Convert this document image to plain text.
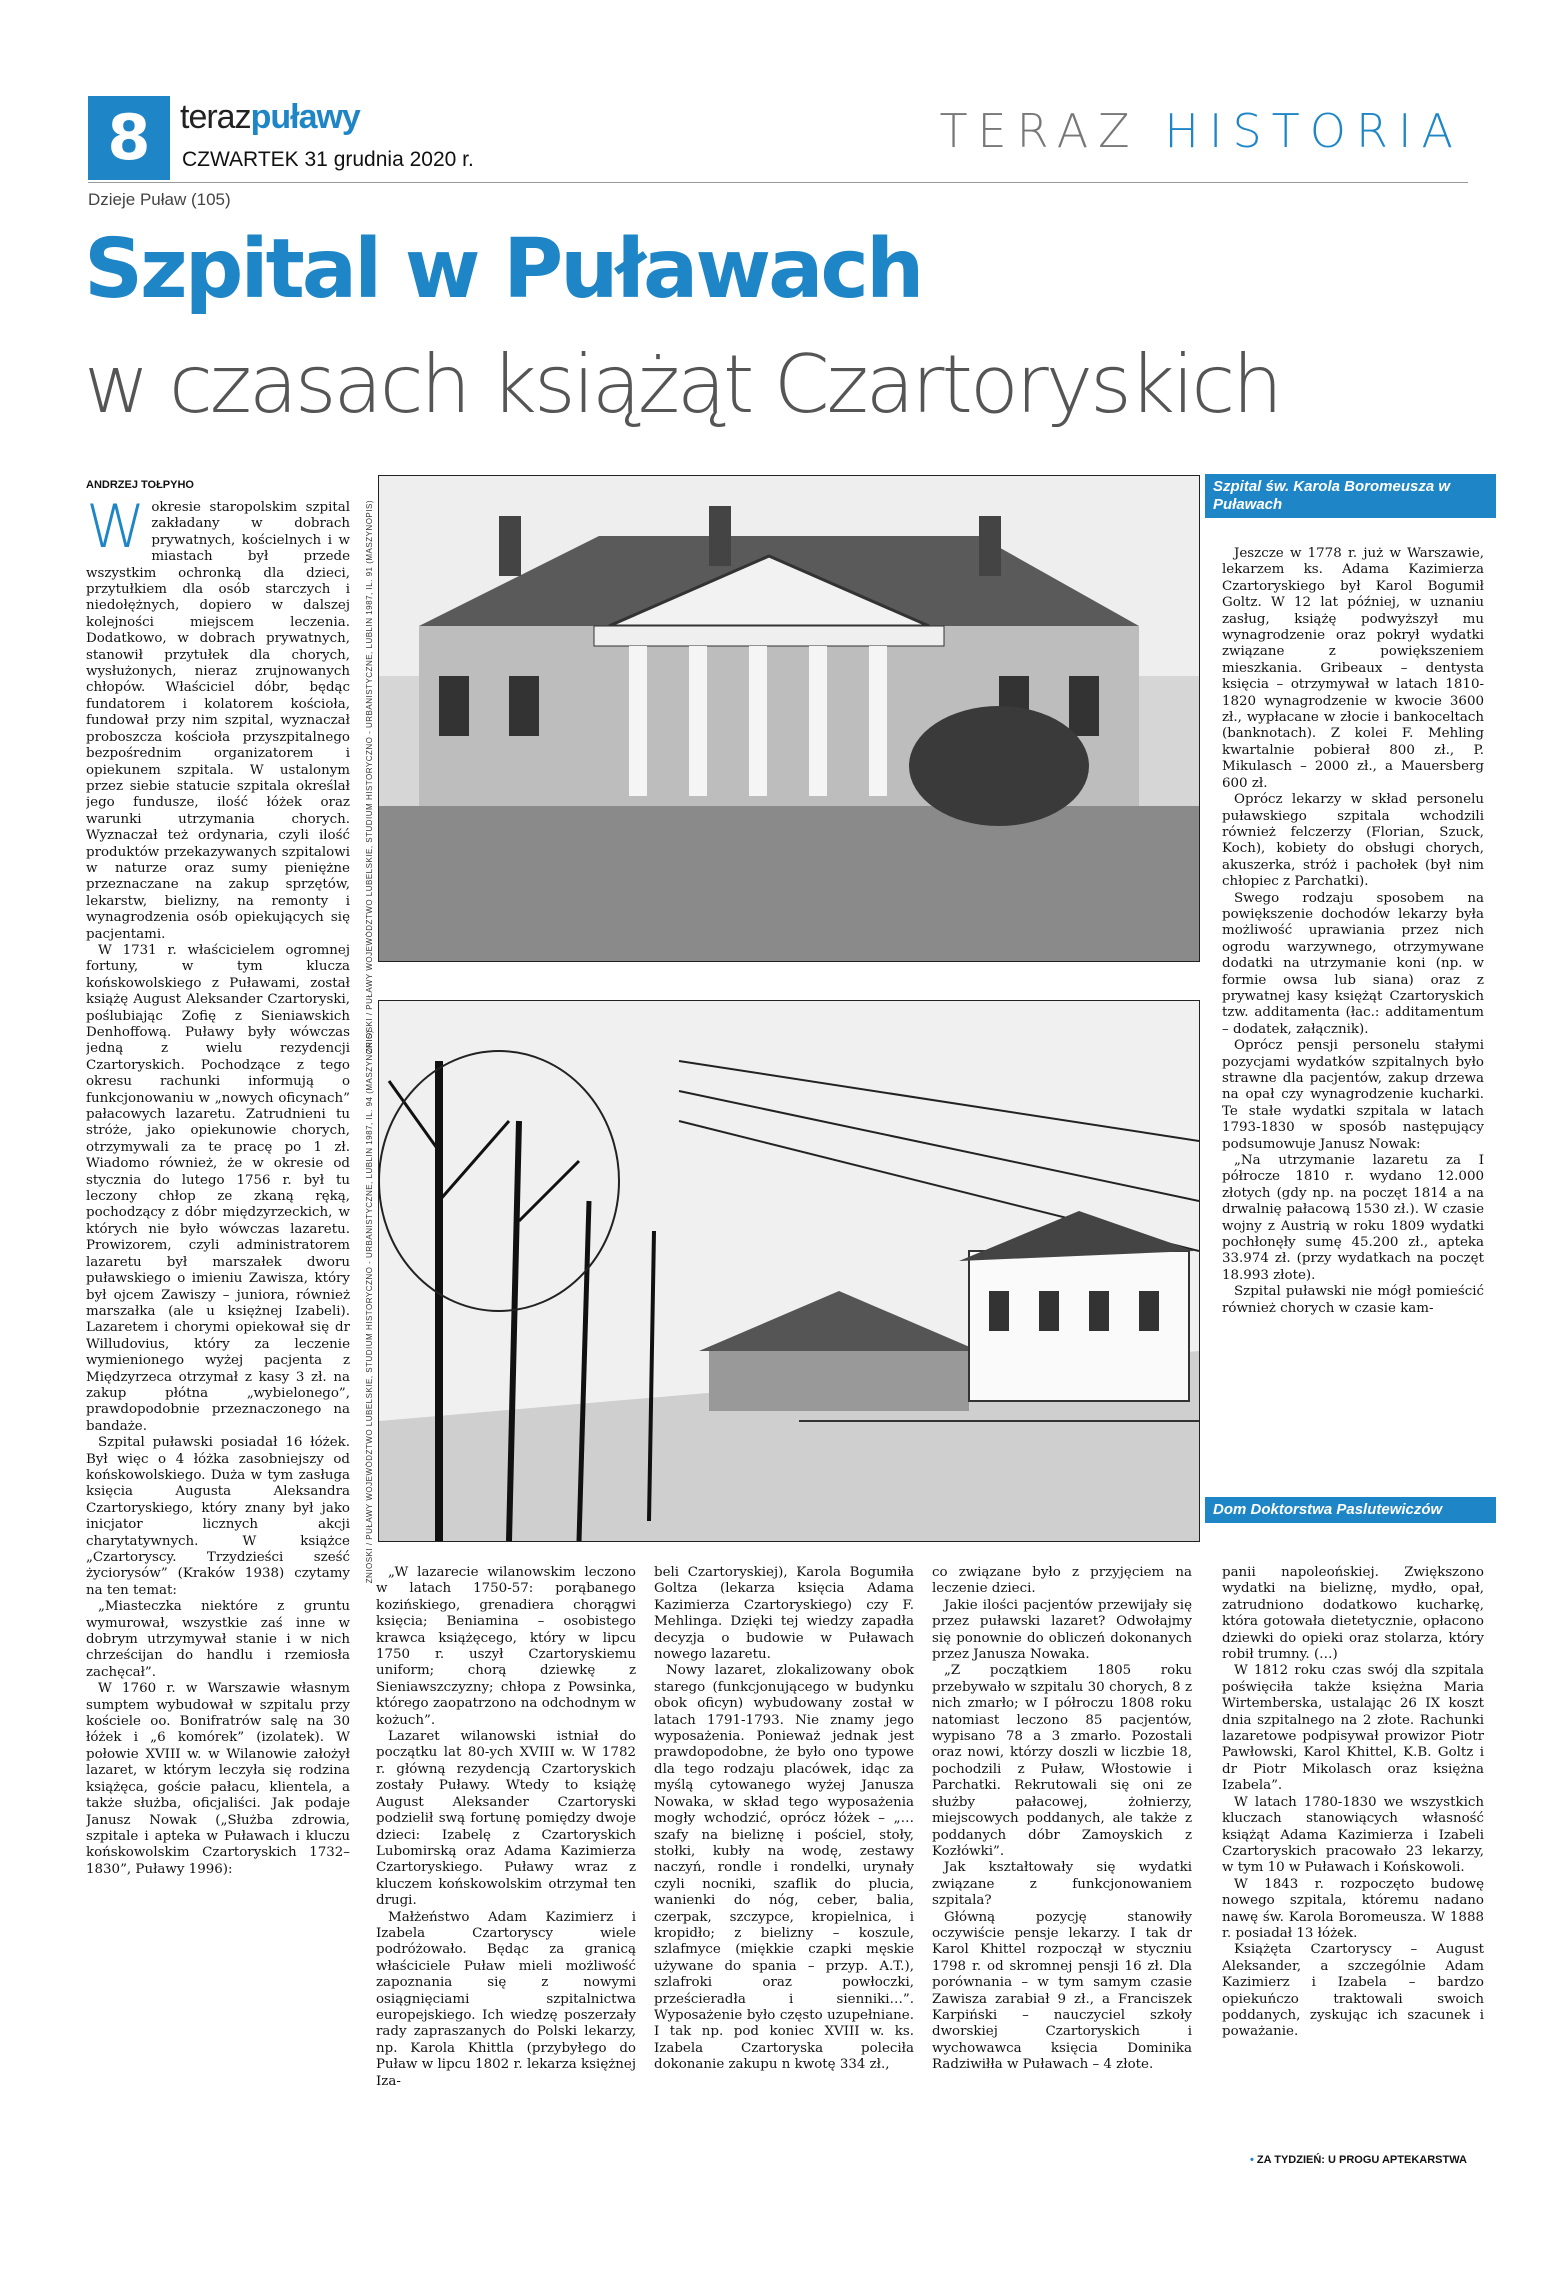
8 terazpuławy
CZWARTEK 31 grudnia 2020 r.
TERAZ HISTORIA
Dzieje Puław (105)
Szpital w Puławach
w czasach książąt Czartoryskich
ANDRZEJ TOŁPYHO

Wokresie staropolskim szpital zakładany w dobrach prywatnych, kościelnych i w miastach był przede wszystkim ochronką dla dzieci, przytułkiem dla osób starczych i niedołężnych, dopiero w dalszej kolejności miejscem leczenia. Dodatkowo, w dobrach prywatnych, stanowił przytułek dla chorych, wysłużonych, nieraz zrujnowanych chłopów. Właściciel dóbr, będąc fundatorem i kolatorem kościoła, fundował przy nim szpital, wyznaczał proboszcza kościoła przyszpitalnego bezpośrednim organizatorem i opiekunem szpitala. W ustalonym przez siebie statucie szpitala określał jego fundusze, ilość łóżek oraz warunki utrzymania chorych. Wyznaczał też ordynaria, czyli ilość produktów przekazywanych szpitalowi w naturze oraz sumy pieniężne przeznaczane na zakup sprzętów, lekarstw, bielizny, na remonty i wynagrodzenia osób opiekujących się pacjentami.

W 1731 r. właścicielem ogromnej fortuny, w tym klucza końskowolskiego z Puławami, został książę August Aleksander Czartoryski, poślubiając Zofię z Sieniawskich Denhoffową. Puławy były wówczas jedną z wielu rezydencji Czartoryskich. Pochodzące z tego okresu rachunki informują o funkcjonowaniu w „nowych oficynach” pałacowych lazaretu. Zatrudnieni tu stróże, jako opiekunowie chorych, otrzymywali za te pracę po 1 zł. Wiadomo również, że w okresie od stycznia do lutego 1756 r. był tu leczony chłop ze zkaną ręką, pochodzący z dóbr międzyrzeckich, w których nie było wówczas lazaretu. Prowizorem, czyli administratorem lazaretu był marszałek dworu puławskiego o imieniu Zawisza, który był ojcem Zawiszy – juniora, również marszałka (ale u księżnej Izabeli). Lazaretem i chorymi opiekował się dr Willudovius, który za leczenie wymienionego wyżej pacjenta z Międzyrzeca otrzymał z kasy 3 zł. na zakup płótna „wybielonego”, prawdopodobnie przeznaczonego na bandaże.

Szpital puławski posiadał 16 łóżek. Był więc o 4 łóżka zasobniejszy od końskowolskiego. Duża w tym zasługa księcia Augusta Aleksandra Czartoryskiego, który znany był jako inicjator licznych akcji charytatywnych. W książce „Czartoryscy. Trzydzieści sześć życiorysów” (Kraków 1938) czytamy na ten temat:

„Miasteczka niektóre z gruntu wymurował, wszystkie zaś inne w dobrym utrzymywał stanie i w nich chrześcijan do handlu i rzemiosła zachęcał”.

W 1760 r. w Warszawie własnym sumptem wybudował w szpitalu przy kościele oo. Bonifratrów salę na 30 łóżek i „6 komórek” (izolatek). W połowie XVIII w. w Wilanowie założył lazaret, w którym leczyła się rodzina książęca, goście pałacu, klientela, a także służba, oficjaliści. Jak podaje Janusz Nowak („Służba zdrowia, szpitale i apteka w Puławach i kluczu końskowolskim Czartoryskich 1732–1830”, Puławy 1996):

ZNIOSKI / PUŁAWY WOJEWÓDZTWO LUBELSKIE, STUDIUM HISTORYCZNO - URBANISTYCZNE, LUBLIN 1987, IL. 91 (MASZYNOPIS)
ZNIOSKI / PUŁAWY WOJEWÓDZTWO LUBELSKIE, STUDIUM HISTORYCZNO - URBANISTYCZNE, LUBLIN 1987, IL. 94 (MASZYNOPIS)
Szpital św. Karola Boromeusza w Puławach
Dom Doktorstwa Paslutewiczów

Jeszcze w 1778 r. już w Warszawie, lekarzem ks. Adama Kazimierza Czartoryskiego był Karol Bogumił Goltz. W 12 lat później, w uznaniu zasług, książę podwyższył mu wynagrodzenie oraz pokrył wydatki związane z powiększeniem mieszkania. Gribeaux – dentysta księcia – otrzymywał w latach 1810-1820 wynagrodzenie w kwocie 3600 zł., wypłacane w złocie i bankoceltach (banknotach). Z kolei F. Mehling kwartalnie pobierał 800 zł., P. Mikulasch – 2000 zł., a Mauersberg 600 zł.

Oprócz lekarzy w skład personelu puławskiego szpitala wchodzili również felczerzy (Florian, Szuck, Koch), kobiety do obsługi chorych, akuszerka, stróż i pachołek (był nim chłopiec z Parchatki).

Swego rodzaju sposobem na powiększenie dochodów lekarzy była możliwość uprawiania przez nich ogrodu warzywnego, otrzymywane dodatki na utrzymanie koni (np. w formie owsa lub siana) oraz z prywatnej kasy księżąt Czartoryskich tzw. additamenta (łac.: additamentum – dodatek, załącznik).

Oprócz pensji personelu stałymi pozycjami wydatków szpitalnych było strawne dla pacjentów, zakup drzewa na opał czy wynagrodzenie kucharki. Te stałe wydatki szpitala w latach 1793-1830 w sposób następujący podsumowuje Janusz Nowak:

„Na utrzymanie lazaretu za I półrocze 1810 r. wydano 12.000 złotych (gdy np. na poczęt 1814 a na drwalnię pałacową 1530 zł.). W czasie wojny z Austrią w roku 1809 wydatki pochłonęły sumę 45.200 zł., apteka 33.974 zł. (przy wydatkach na poczęt 18.993 złote).

Szpital puławski nie mógł pomieścić również chorych w czasie kam-

„W lazarecie wilanowskim leczono w latach 1750-57: porąbanego kozińskiego, grenadiera chorągwi księcia; Beniamina – osobistego krawca książęcego, który w lipcu 1750 r. uszył Czartoryskiemu uniform; chorą dziewkę z Sieniawszczyzny; chłopa z Powsinka, którego zaopatrzono na odchodnym w kożuch”.

Lazaret wilanowski istniał do początku lat 80-ych XVIII w. W 1782 r. główną rezydencją Czartoryskich zostały Puławy. Wtedy to książę August Aleksander Czartoryski podzielił swą fortunę pomiędzy dwoje dzieci: Izabelę z Czartoryskich Lubomirską oraz Adama Kazimierza Czartoryskiego. Puławy wraz z kluczem końskowolskim otrzymał ten drugi.

Małżeństwo Adam Kazimierz i Izabela Czartoryscy wiele podróżowało. Będąc za granicą właściciele Puław mieli możliwość zapoznania się z nowymi osiągnięciami szpitalnictwa europejskiego. Ich wiedzę poszerzały rady zapraszanych do Polski lekarzy, np. Karola Khittla (przybyłego do Puław w lipcu 1802 r. lekarza księżnej Iza-

beli Czartoryskiej), Karola Bogumiła Goltza (lekarza księcia Adama Kazimierza Czartoryskiego) czy F. Mehlinga. Dzięki tej wiedzy zapadła decyzja o budowie w Puławach nowego lazaretu.

Nowy lazaret, zlokalizowany obok starego (funkcjonującego w budynku obok oficyn) wybudowany został w latach 1791-1793. Nie znamy jego wyposażenia. Ponieważ jednak jest prawdopodobne, że było ono typowe dla tego rodzaju placówek, idąc za myślą cytowanego wyżej Janusza Nowaka, w skład tego wyposażenia mogły wchodzić, oprócz łóżek – „…szafy na bieliznę i pościel, stoły, stołki, kubły na wodę, zestawy naczyń, rondle i rondelki, urynały czyli nocniki, szaflik do plucia, wanienki do nóg, ceber, balia, czerpak, szczypce, kropielnica, i kropidło; z bielizny – koszule, szlafmyce (miękkie czapki męskie używane do spania – przyp. A.T.), szlafroki oraz powłoczki, prześcieradła i sienniki…”. Wyposażenie było często uzupełniane. I tak np. pod koniec XVIII w. ks. Izabela Czartoryska poleciła dokonanie zakupu n kwotę 334 zł.,

co związane było z przyjęciem na leczenie dzieci.

Jakie ilości pacjentów przewijały się przez puławski lazaret? Odwołajmy się ponownie do obliczeń dokonanych przez Janusza Nowaka.

„Z początkiem 1805 roku przebywało w szpitalu 30 chorych, 8 z nich zmarło; w I półroczu 1808 roku natomiast leczono 85 pacjentów, wypisano 78 a 3 zmarło. Pozostali oraz nowi, którzy doszli w liczbie 18, pochodzili z Puław, Włostowie i Parchatki. Rekrutowali się oni ze służby pałacowej, żołnierzy, miejscowych poddanych, ale także z poddanych dóbr Zamoyskich z Kozłówki”.

Jak kształtowały się wydatki związane z funkcjonowaniem szpitala?

Główną pozycję stanowiły oczywiście pensje lekarzy. I tak dr Karol Khittel rozpoczął w styczniu 1798 r. od skromnej pensji 16 zł. Dla porównania – w tym samym czasie Zawisza zarabiał 9 zł., a Franciszek Karpiński – nauczyciel szkoły dworskiej Czartoryskich i wychowawca księcia Dominika Radziwiłła w Puławach – 4 złote.

panii napoleońskiej. Zwiększono wydatki na bieliznę, mydło, opał, zatrudniono dodatkowo kucharkę, która gotowała dietetycznie, opłacono dziewki do opieki oraz stolarza, który robił trumny. (…)

W 1812 roku czas swój dla szpitala poświęciła także księżna Maria Wirtemberska, ustalając 26 IX koszt dnia szpitalnego na 2 złote. Rachunki lazaretowe podpisywał prowizor Piotr Pawłowski, Karol Khittel, K.B. Goltz i dr Piotr Mikolasch oraz księżna Izabela”.

W latach 1780-1830 we wszystkich kluczach stanowiących własność książąt Adama Kazimierza i Izabeli Czartoryskich pracowało 23 lekarzy, w tym 10 w Puławach i Końskowoli.

W 1843 r. rozpoczęto budowę nowego szpitala, któremu nadano nawę św. Karola Boromeusza. W 1888 r. posiadał 13 łóżek.

Książęta Czartoryscy – August Aleksander, a szczególnie Adam Kazimierz i Izabela – bardzo opiekuńczo traktowali swoich poddanych, zyskując ich szacunek i poważanie.

• ZA TYDZIEŃ: U PROGU APTEKARSTWA
